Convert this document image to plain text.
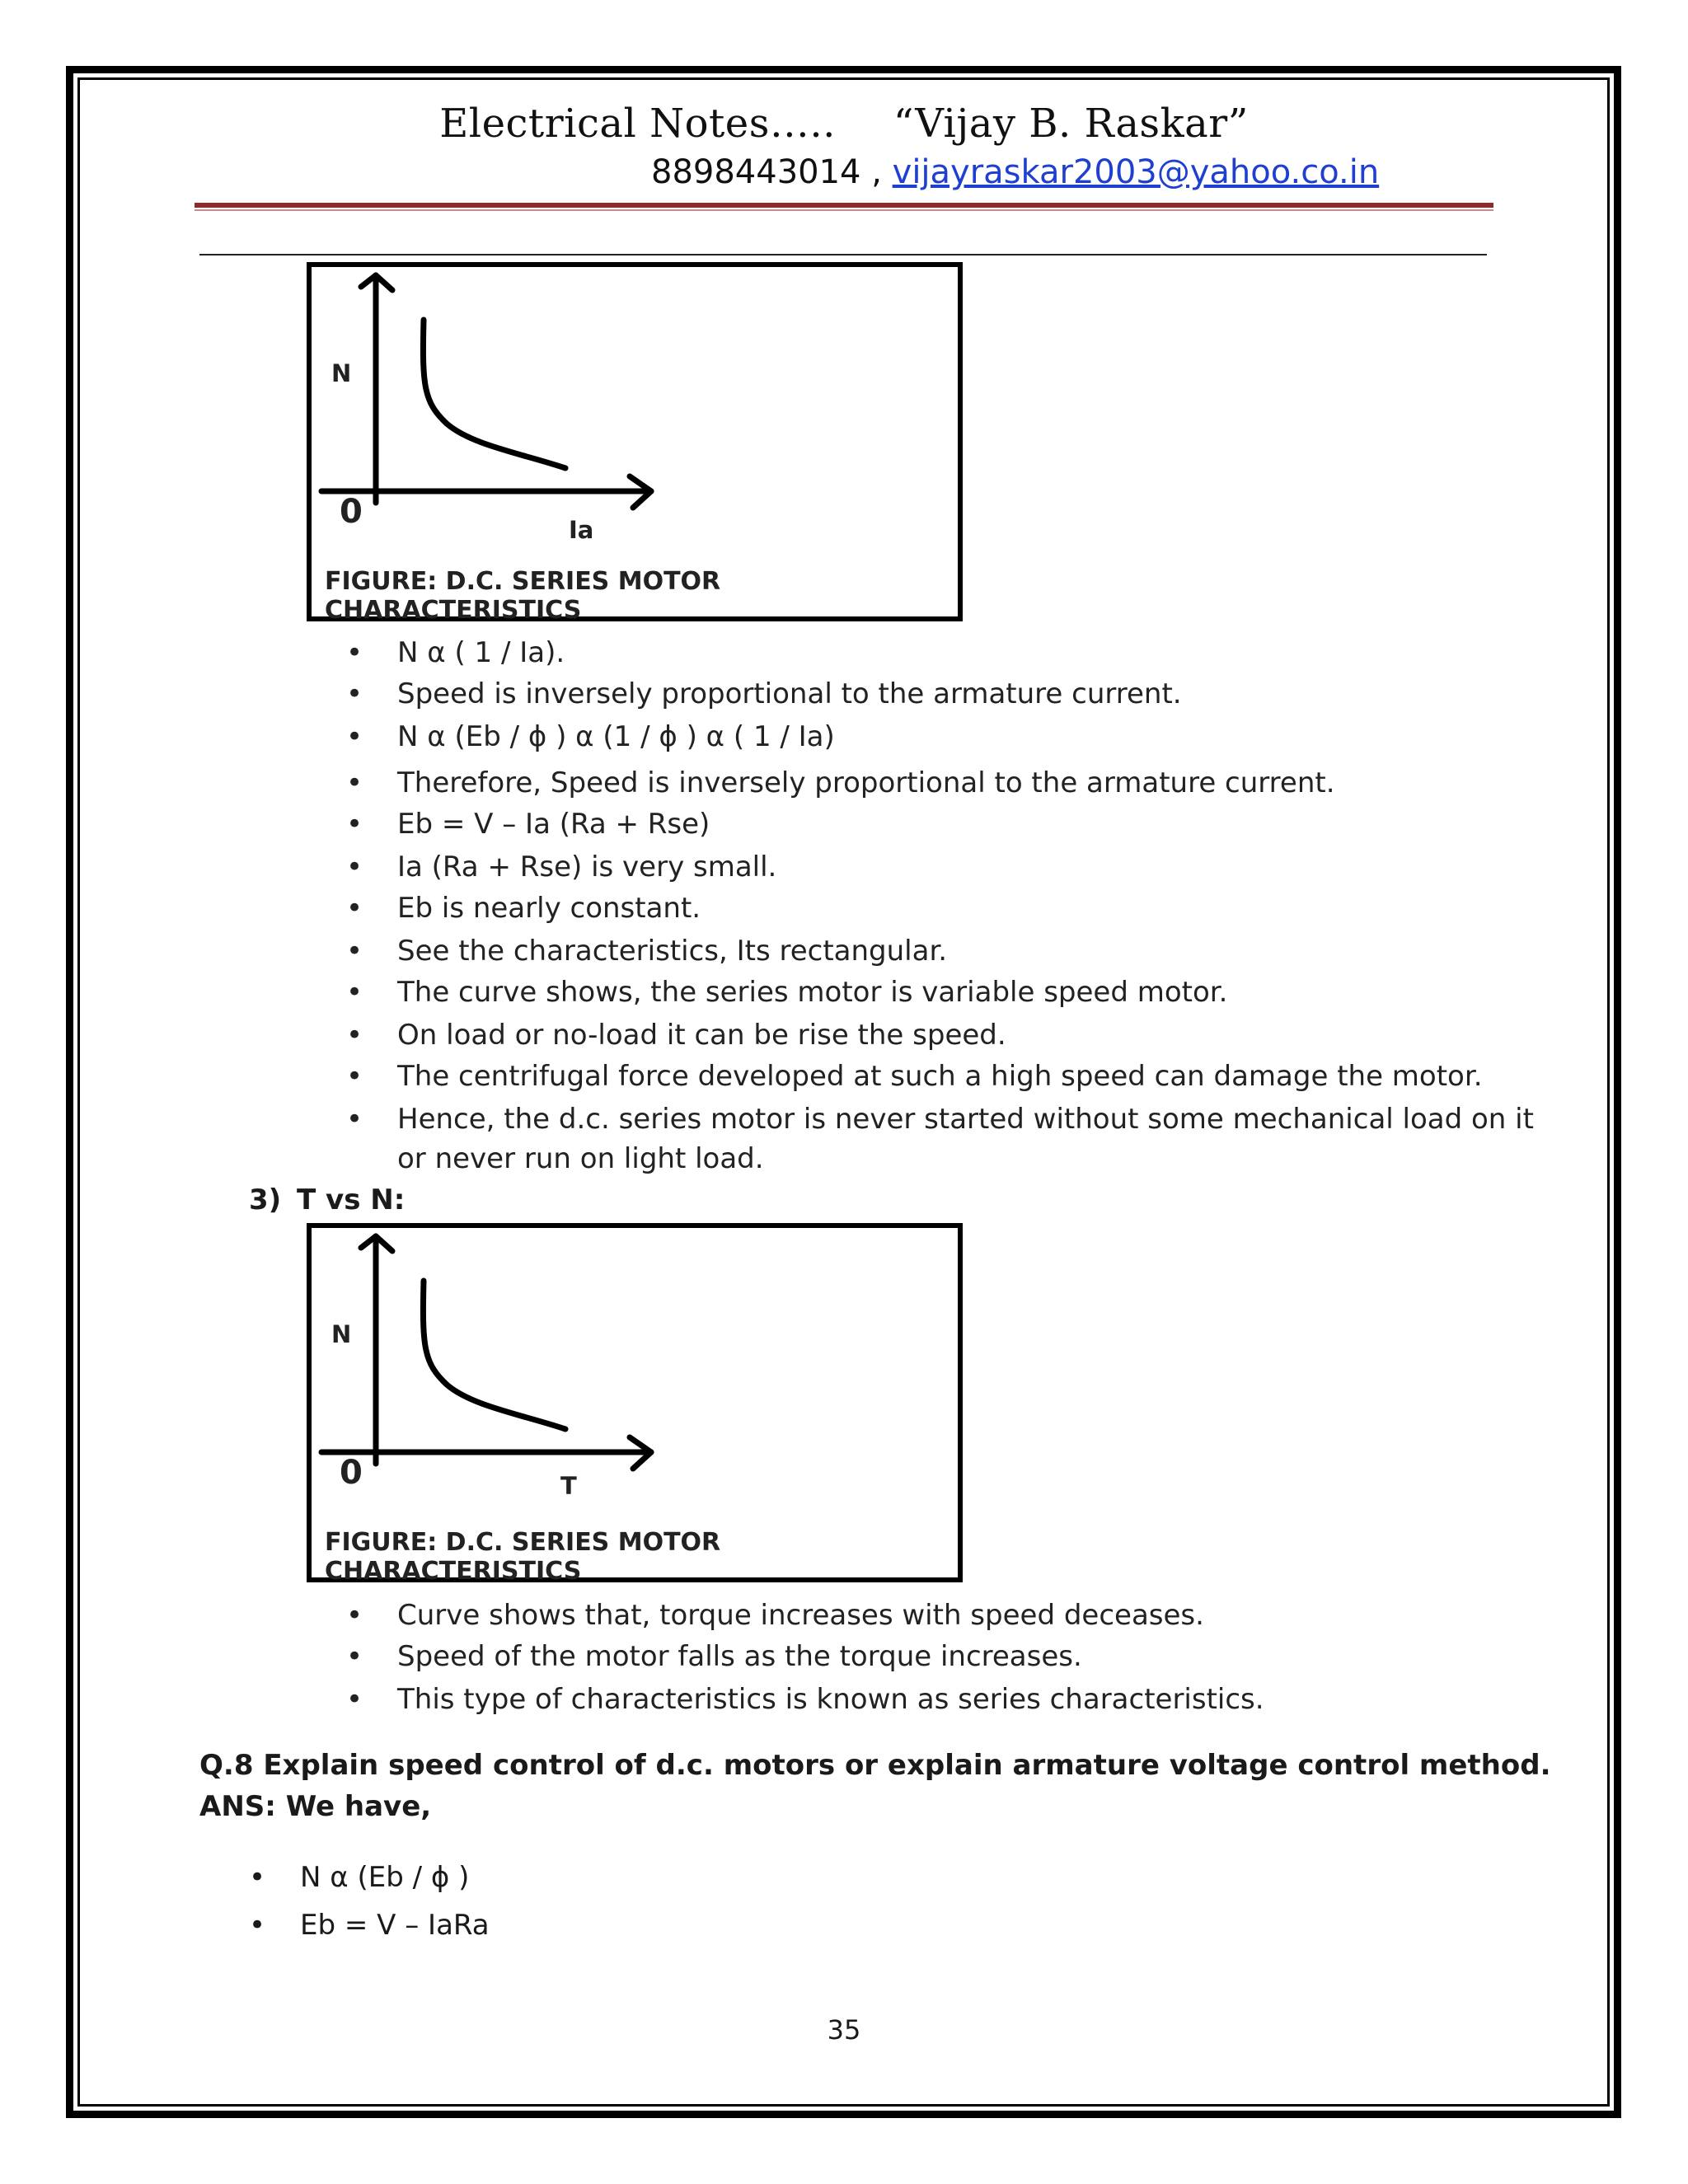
Electrical Notes….. “Vijay B. Raskar”
8898443014 , vijayraskar2003@yahoo.co.in
N
0	Ia
FIGURE: D.C. SERIES MOTOR CHARACTERISTICS
• N α ( 1 / Ia).
• Speed is inversely proportional to the armature current.
• N α (Eb / ϕ ) α (1 / ϕ ) α ( 1 / Ia)
• Therefore, Speed is inversely proportional to the armature current.
• Eb = V – Ia (Ra + Rse)
• Ia (Ra + Rse) is very small.
• Eb is nearly constant.
• See the characteristics, Its rectangular.
• The curve shows, the series motor is variable speed motor.
• On load or no-load it can be rise the speed.
• The centrifugal force developed at such a high speed can damage the motor.
• Hence, the d.c. series motor is never started without some mechanical load on it
or never run on light load.
3) T vs N:
N
0	T
FIGURE: D.C. SERIES MOTOR CHARACTERISTICS
• Curve shows that, torque increases with speed deceases.
• Speed of the motor falls as the torque increases.
• This type of characteristics is known as series characteristics.
Q.8 Explain speed control of d.c. motors or explain armature voltage control method.
ANS: We have,
• N α (Eb / ϕ )
• Eb = V – IaRa
35
